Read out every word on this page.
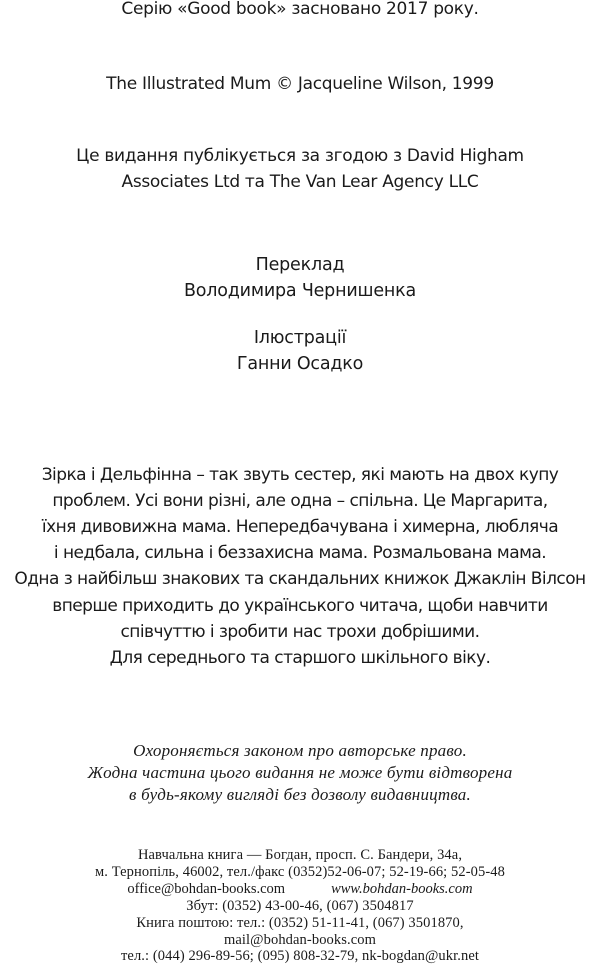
Серію «Good book» засновано 2017 року.
The Illustrated Mum © Jacqueline Wilson, 1999
Це видання публікується за згодою з David Higham
Associates Ltd та The Van Lear Agency LLC
Переклад
Володимира Чернишенка
Ілюстрації
Ганни Осадко
Зірка і Дельфінна – так звуть сестер, які мають на двох купу
проблем. Усі вони різні, але одна – спільна. Це Маргарита,
їхня дивовижна мама. Непередбачувана і химерна, любляча
і недбала, сильна і беззахисна мама. Розмальована мама.
Одна з найбільш знакових та скандальних книжок Джаклін Вілсон
вперше приходить до українського читача, щоби навчити
співчуттю і зробити нас трохи добрішими.
Для середнього та старшого шкільного віку.
Охороняється законом про авторське право.
Жодна частина цього видання не може бути відтворена
в будь-якому вигляді без дозволу видавництва.
Навчальна книга — Богдан, просп. С. Бандери, 34а,
м. Тернопіль, 46002, тел./факс (0352)52-06-07; 52-19-66; 52-05-48
office@bohdan-books.com	www.bohdan-books.com
Збут: (0352) 43-00-46, (067) 3504817
Книга поштою: тел.: (0352) 51-11-41, (067) 3501870,
mail@bohdan-books.com
тел.: (044) 296-89-56; (095) 808-32-79, nk-bogdan@ukr.net
